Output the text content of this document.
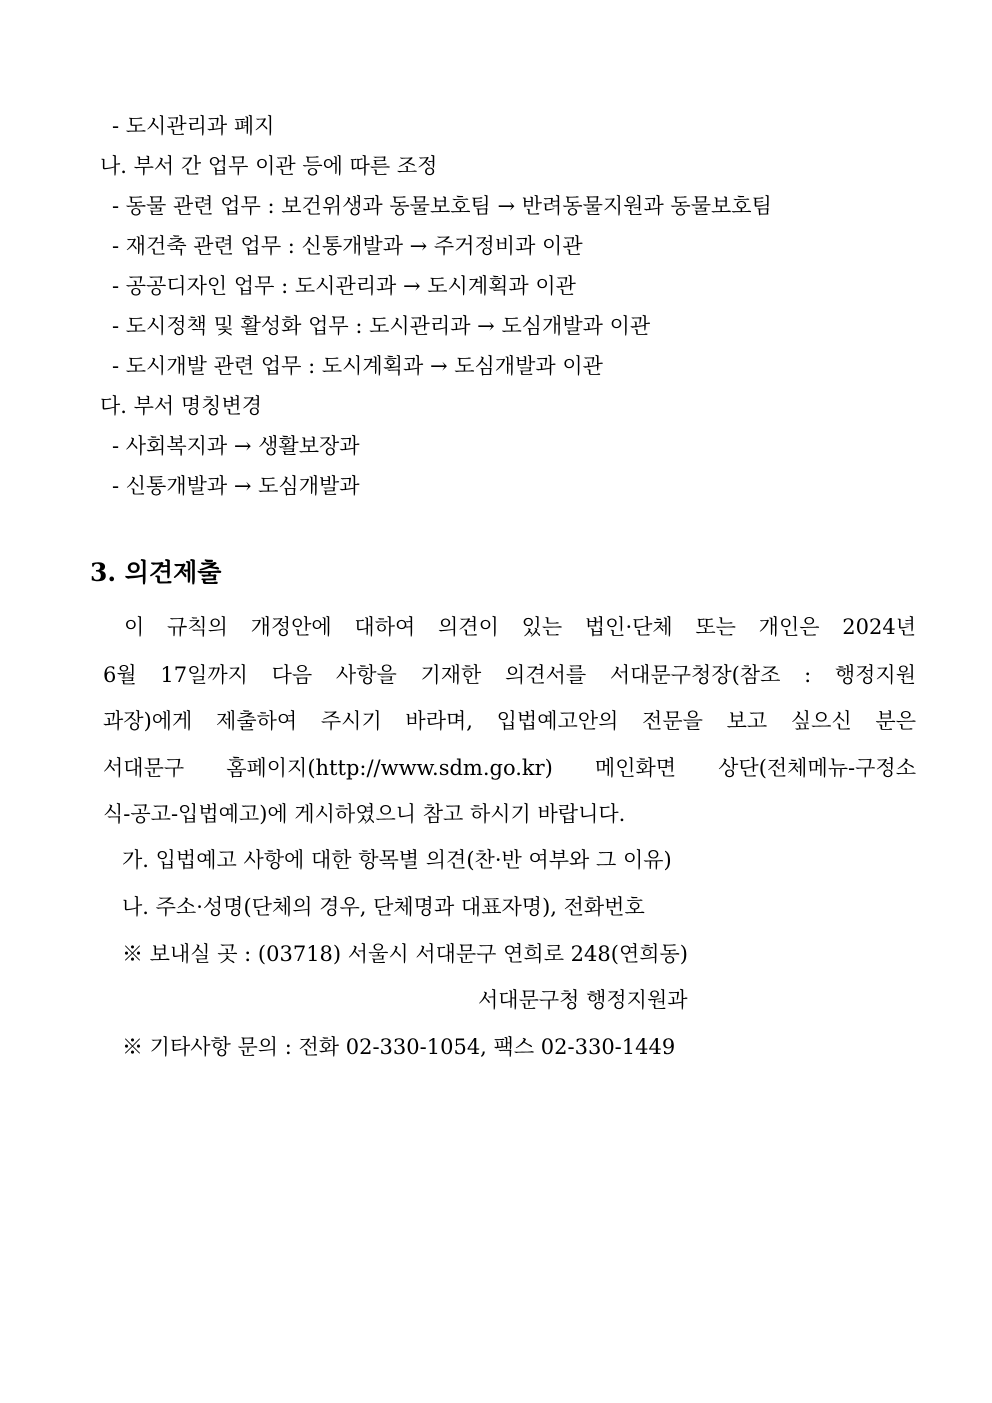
- 도시관리과 폐지
나. 부서 간 업무 이관 등에 따른 조정
- 동물 관련 업무 : 보건위생과 동물보호팀 → 반려동물지원과 동물보호팀
- 재건축 관련 업무 : 신통개발과 → 주거정비과 이관
- 공공디자인 업무 : 도시관리과 → 도시계획과 이관
- 도시정책 및 활성화 업무 : 도시관리과 → 도심개발과 이관
- 도시개발 관련 업무 : 도시계획과 → 도심개발과 이관
다. 부서 명칭변경
- 사회복지과 → 생활보장과
- 신통개발과 → 도심개발과
3. 의견제출
이 규칙의 개정안에 대하여 의견이 있는 법인·단체 또는 개인은 2024년
6월 17일까지 다음 사항을 기재한 의견서를 서대문구청장(참조 : 행정지원
과장)에게 제출하여 주시기 바라며, 입법예고안의 전문을 보고 싶으신 분은
서대문구 홈페이지(http://www.sdm.go.kr) 메인화면 상단(전체메뉴-구정소
식-공고-입법예고)에 게시하였으니 참고 하시기 바랍니다.
가. 입법예고 사항에 대한 항목별 의견(찬·반 여부와 그 이유)
나. 주소·성명(단체의 경우, 단체명과 대표자명), 전화번호
※ 보내실 곳 : (03718) 서울시 서대문구 연희로 248(연희동)
서대문구청 행정지원과
※ 기타사항 문의 : 전화 02-330-1054, 팩스 02-330-1449
